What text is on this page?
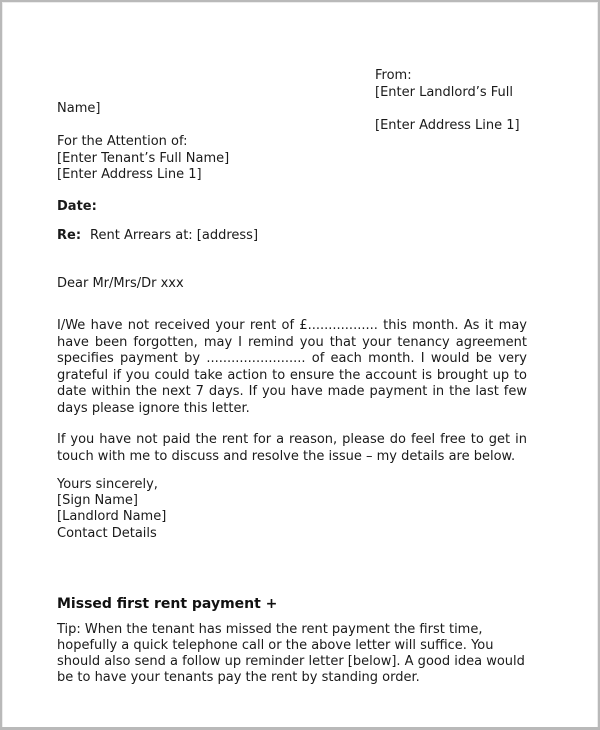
From:
[Enter Landlord’s Full
Name]
[Enter Address Line 1]
For the Attention of:
[Enter Tenant’s Full Name]
[Enter Address Line 1]
Date:
Re: Rent Arrears at: [address]
Dear Mr/Mrs/Dr xxx

I/We have not received your rent of £................. this month. As it may have been forgotten, may I remind you that your tenancy agreement specifies payment by ........................ of each month. I would be very grateful if you could take action to ensure the account is brought up to date within the next 7 days. If you have made payment in the last few days please ignore this letter.

If you have not paid the rent for a reason, please do feel free to get in touch with me to discuss and resolve the issue – my details are below.

Yours sincerely,
[Sign Name]
[Landlord Name]
Contact Details
Missed first rent payment +

Tip: When the tenant has missed the rent payment the first time, hopefully a quick telephone call or the above letter will suffice. You should also send a follow up reminder letter [below]. A good idea would be to have your tenants pay the rent by standing order.
